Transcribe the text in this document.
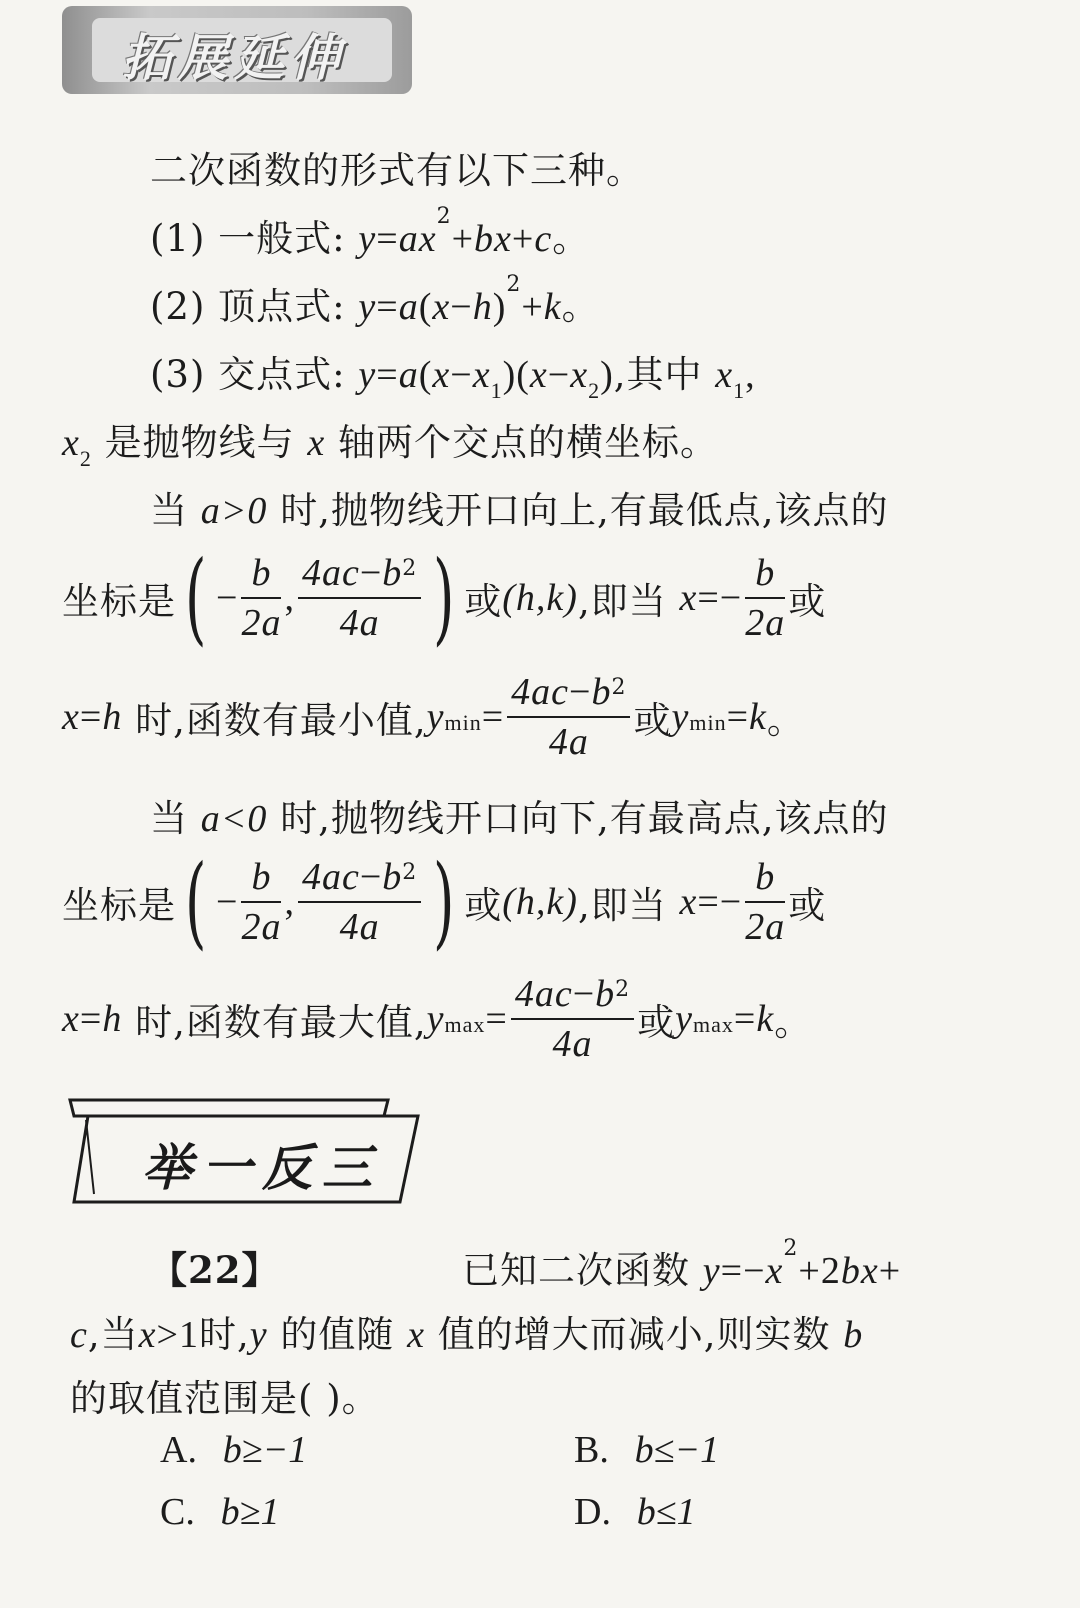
拓展延伸
二次函数的形式有以下三种。
(1) 一般式: $y=ax^2+bx+c$。
(2) 顶点式: $y=a(x-h)^2+k$。
(3) 交点式: $y=a(x-x_1)(x-x_2)$,其中 $x_1$,
$x_2$ 是抛物线与 x 轴两个交点的横坐标。
当 a>0 时,抛物线开口向上,有最低点,该点的
坐标是( − $\frac{b}{2a}$ , $\frac{4ac-b^2}{4a}$ ) 或(h,k),即当 $x=- \frac{b}{2a}$ 或
x=h 时,函数有最小值$,y_{min}= \frac{4ac-b^2}{4a}$ 或$y_{min}=k$。
当 a<0 时,抛物线开口向下,有最高点,该点的
坐标是( − $\frac{b}{2a}$ , $\frac{4ac-b^2}{4a}$ ) 或(h,k),即当 $x=- \frac{b}{2a}$ 或
x=h 时,函数有最大值$,y_{max}= \frac{4ac-b^2}{4a}$ 或$y_{max}=k$。
举一反三
【22】	已知二次函数 $y=-x^2+2bx+$
c,当x>1时,y 的值随 x 值的增大而减小,则实数 b
的取值范围是( )。
A. b≥−1	B. b≤−1
C. b≥1	D. b≤1
